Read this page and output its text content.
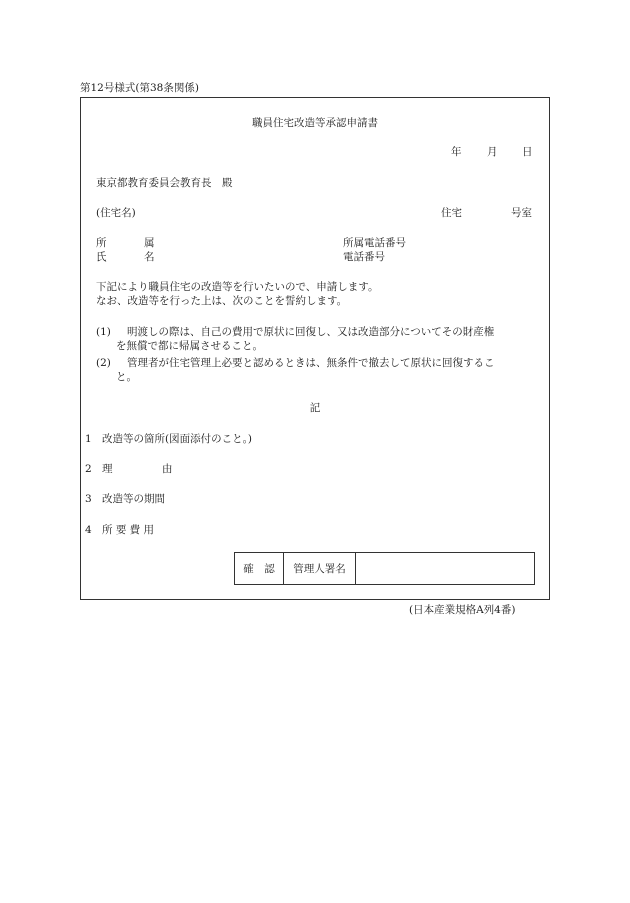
第12号様式(第38条関係)
職員住宅改造等承認申請書
年 月 日
東京都教育委員会教育長　殿
(住宅名)	住宅	号室
所	属	所属電話番号
氏	名	電話番号
下記により職員住宅の改造等を行いたいので、申請します。
なお、改造等を行った上は、次のことを誓約します。
(1) 明渡しの際は、自己の費用で原状に回復し、又は改造部分についてその財産権
を無償で都に帰属させること。
(2) 管理者が住宅管理上必要と認めるときは、無条件で撤去して原状に回復するこ
と。
記
1 改造等の箇所(図面添付のこと。)
2 理	由
3 改造等の期間
4 所 要 費 用
確　認	管理人署名
(日本産業規格A列4番)
